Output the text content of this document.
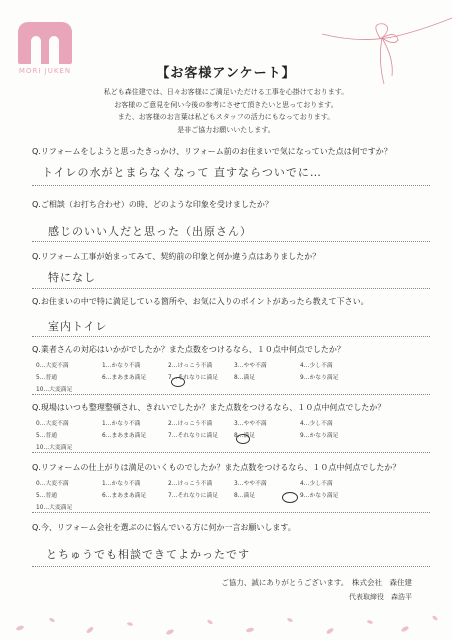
MORI JUKEN	【お客様アンケート】
私ども森住建では、日々お客様にご満足いただける工事を心掛けております。
お客様のご意見を伺い今後の参考にさせて頂きたいと思っております。
また、お客様のお言葉は私どもスタッフの活力にもなっております。
是非ご協力お願いいたします。
Q.リフォームをしようと思ったきっかけ、リフォーム前のお住まいで気になっていた点は何ですか？
トイレの水がとまらなくなって 直すならついでに…
Q.ご相談（お打ち合わせ）の時、どのような印象を受けましたか？
感じのいい人だと思った（出原さん）
Q.リフォーム工事が始まってみて、契約前の印象と何か違う点はありましたか？
特になし
Q.お住まいの中で特に満足している箇所や、お気に入りのポイントがあったら教えて下さい。
室内トイレ
Q.業者さんの対応はいかがでしたか？また点数をつけるなら、１０点中何点でしたか？
0…大変不満	1…かなり不満	2…けっこう不満	3…やや不満	4…少し不満
5…普通	6…まあまあ満足	7…それなりに満足	8…満足	9…かなり満足
10…大変満足
Q.現場はいつも整理整頓され、きれいでしたか？また点数をつけるなら、１０点中何点でしたか？
0…大変不満	1…かなり不満	2…けっこう不満	3…やや不満	4…少し不満
5…普通	6…まあまあ満足	7…それなりに満足	8…満足	9…かなり満足
10…大変満足
Q.リフォームの仕上がりは満足のいくものでしたか？また点数をつけるなら、１０点中何点でしたか？
0…大変不満	1…かなり不満	2…けっこう不満	3…やや不満	4…少し不満
5…普通	6…まあまあ満足	7…それなりに満足	8…満足	9…かなり満足
10…大変満足
Q.今、リフォーム会社を選ぶのに悩んでいる方に何か一言お願いします。
とちゅうでも相談できてよかったです
ご協力、誠にありがとうございます。　株式会社　森住建
代表取締役　森浩平
